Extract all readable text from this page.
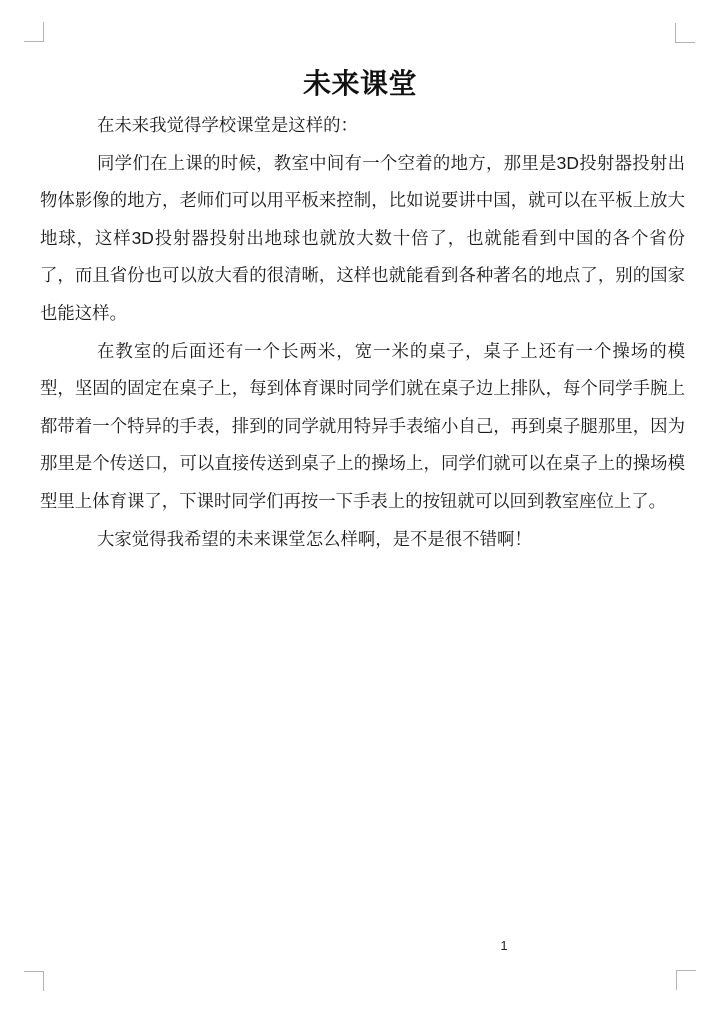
未来课堂

在未来我觉得学校课堂是这样的：

同学们在上课的时候，教室中间有一个空着的地方，那里是3D投射器投射出物体影像的地方，老师们可以用平板来控制，比如说要讲中国，就可以在平板上放大地球，这样3D投射器投射出地球也就放大数十倍了，也就能看到中国的各个省份了，而且省份也可以放大看的很清晰，这样也就能看到各种著名的地点了，别的国家也能这样。

在教室的后面还有一个长两米，宽一米的桌子，桌子上还有一个操场的模型，坚固的固定在桌子上，每到体育课时同学们就在桌子边上排队，每个同学手腕上都带着一个特异的手表，排到的同学就用特异手表缩小自己，再到桌子腿那里，因为那里是个传送口，可以直接传送到桌子上的操场上，同学们就可以在桌子上的操场模型里上体育课了，下课时同学们再按一下手表上的按钮就可以回到教室座位上了。

大家觉得我希望的未来课堂怎么样啊，是不是很不错啊！

1
